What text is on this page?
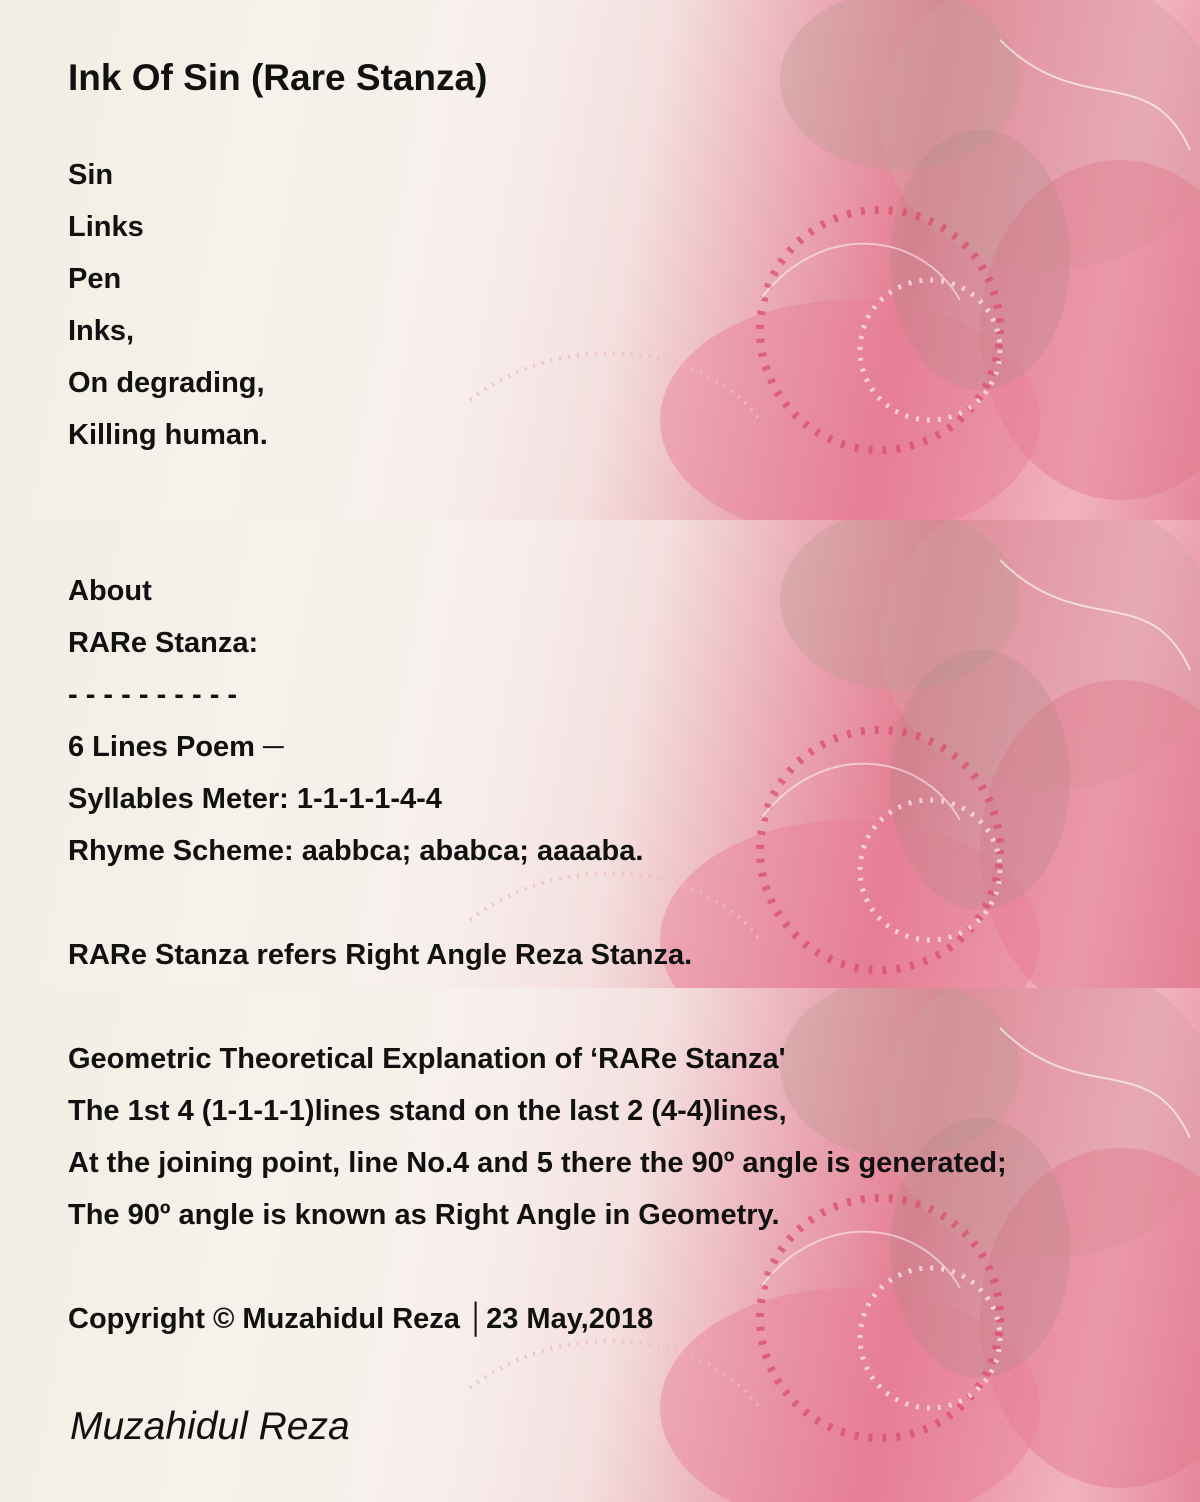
Ink Of Sin (Rare Stanza)

Sin

Links

Pen

Inks,

On degrading,

Killing human.

About

RARe Stanza:

- - - - - - - - - -

6 Lines Poem ─

Syllables Meter: 1-1-1-1-4-4

Rhyme Scheme: aabbca; ababca; aaaaba.

RARe Stanza refers Right Angle Reza Stanza.

Geometric Theoretical Explanation of ‘RARe Stanza'

The 1st 4 (1-1-1-1)lines stand on the last 2 (4-4)lines,

At the joining point, line No.4 and 5 there the 90º angle is generated;

The 90º angle is known as Right Angle in Geometry.

Copyright © Muzahidul Reza │23 May,2018

Muzahidul Reza
